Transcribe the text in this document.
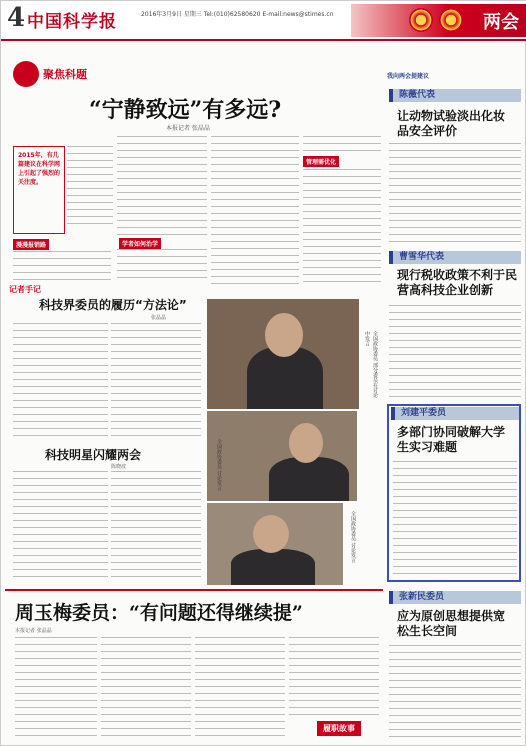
4 中国科学报	2016年3月9日 星期三 Tel:(010)62580620 E-mail:news@stimes.cn	两会
聚焦科题
“宁静致远”有多远?
本报记者 张晶晶
2015年，有几篇建议在科学网上引起了强烈的关注度。
漫漫报销路	学者如何治学
管理需优化
记者手记
科技界委员的履历“方法论”
张晶晶
科技明星闪耀两会
陈晓波
全国政协委员 部分委员在讨论中发言
全国政协委员 讨论发言
全国政协委员 讨论发言
我向两会提建议
陈薇代表
让动物试验淡出化妆品安全评价
曹雪华代表
现行税收政策不利于民营高科技企业创新
刘建平委员
多部门协同破解大学生实习难题
张新民委员
应为原创思想提供宽松生长空间
周玉梅委员：“有问题还得继续提”
本报记者 张晶晶
履职故事
